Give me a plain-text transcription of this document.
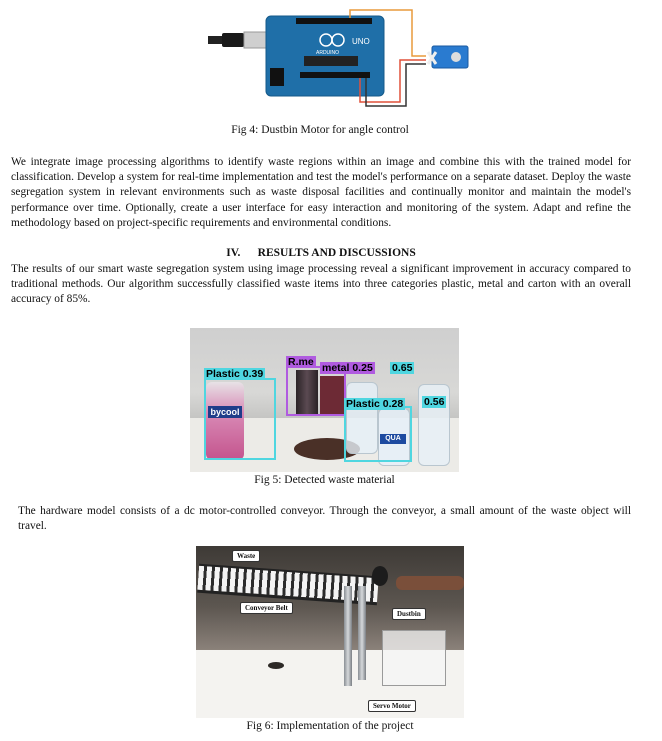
UNO
ARDUINO
Fig 4: Dustbin Motor for angle control
We integrate image processing algorithms to identify waste regions within an image and combine this with the trained model for classification. Develop a system for real-time implementation and test the model's performance on a separate dataset. Deploy the waste segregation system in relevant environments such as waste disposal facilities and continually monitor and maintain the model's performance over time. Optionally, create a user interface for easy interaction and monitoring of the system. Adapt and refine the methodology based on project-specific requirements and environmental conditions.
IV. RESULTS AND DISCUSSIONS
The results of our smart waste segregation system using image processing reveal a significant improvement in accuracy compared to traditional methods. Our algorithm successfully classified waste items into three categories plastic, metal and carton with an overall accuracy of 85%.
bycool
QUA
Plastic 0.39
R.me metal 0.25 0.65
Plastic 0.28 0.56
Fig 5: Detected waste material
The hardware model consists of a dc motor-controlled conveyor. Through the conveyor, a small amount of the waste object will travel.
Waste
Conveyor Belt
Dustbin
Servo Motor
Fig 6: Implementation of the project
